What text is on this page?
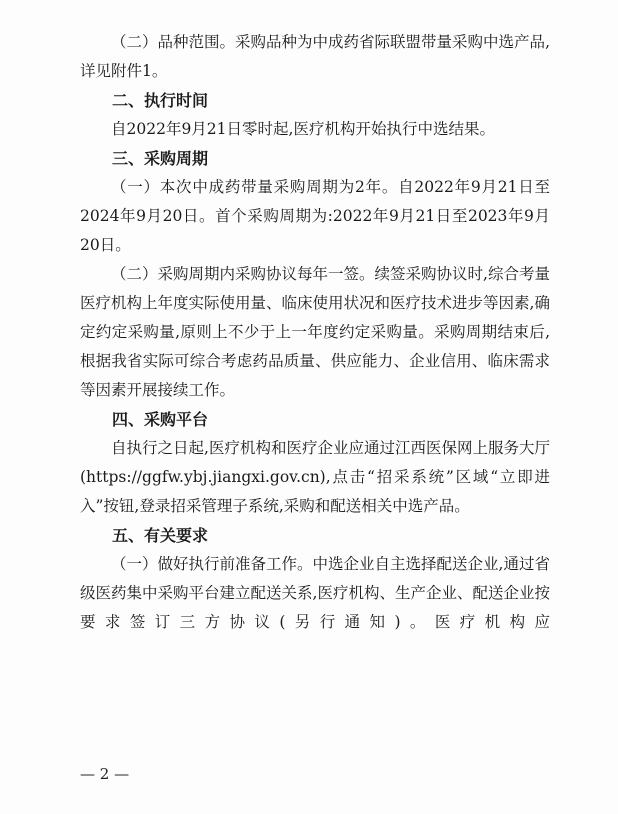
（二）品种范围。采购品种为中成药省际联盟带量采购中选产品,详见附件1。

二、执行时间

自2022年9月21日零时起,医疗机构开始执行中选结果。

三、采购周期

（一）本次中成药带量采购周期为2年。自2022年9月21日至2024年9月20日。首个采购周期为:2022年9月21日至2023年9月20日。

（二）采购周期内采购协议每年一签。续签采购协议时,综合考量医疗机构上年度实际使用量、临床使用状况和医疗技术进步等因素,确定约定采购量,原则上不少于上一年度约定采购量。采购周期结束后,根据我省实际可综合考虑药品质量、供应能力、企业信用、临床需求等因素开展接续工作。

四、采购平台

自执行之日起,医疗机构和医疗企业应通过江西医保网上服务大厅(https://ggfw.ybj.jiangxi.gov.cn),点击“招采系统”区域“立即进入”按钮,登录招采管理子系统,采购和配送相关中选产品。

五、有关要求

（一）做好执行前准备工作。中选企业自主选择配送企业,通过省级医药集中采购平台建立配送关系,医疗机构、生产企业、配送企业按要求签订三方协议(另行通知)。医疗机构应

— 2 —
